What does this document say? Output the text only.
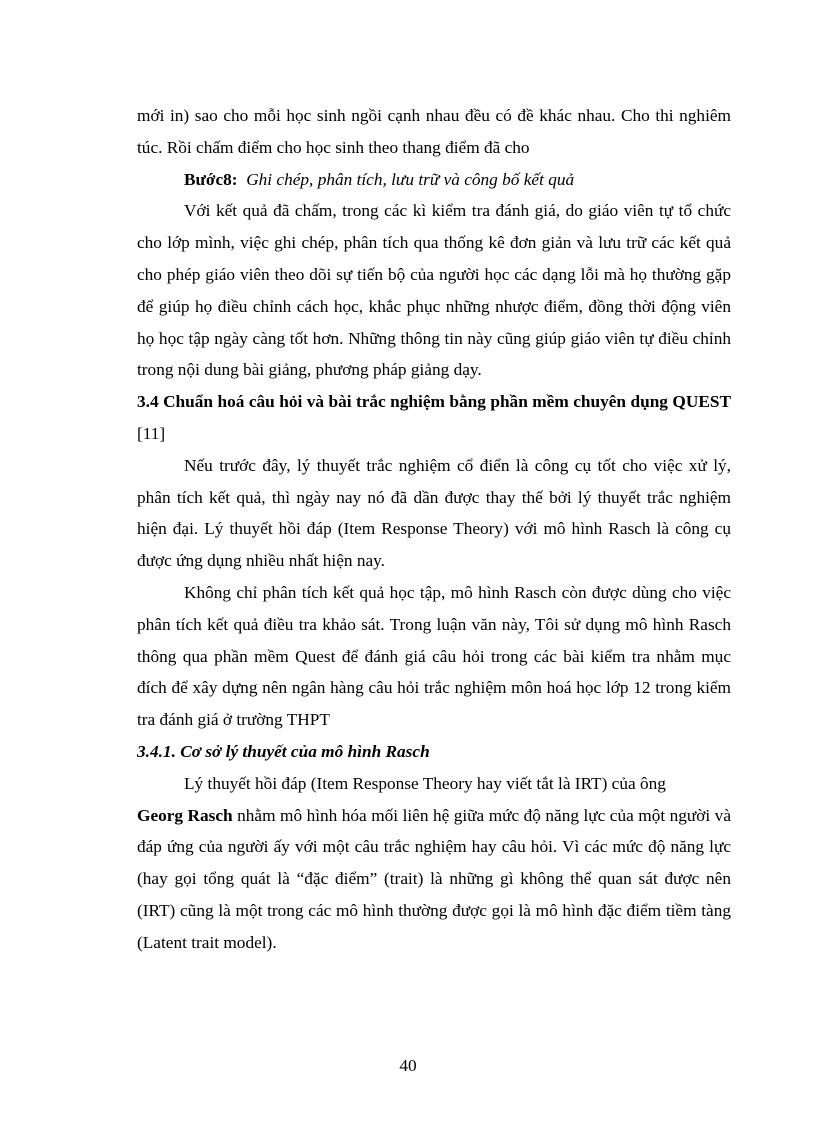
mới in) sao cho mỗi học sinh ngồi cạnh nhau đều có đề khác nhau. Cho thi nghiêm túc. Rồi chấm điểm cho học sinh theo thang điểm đã cho

Bước8: Ghi chép, phân tích, lưu trữ và công bố kết quả

Với kết quả đã chấm, trong các kì kiểm tra đánh giá, do giáo viên tự tổ chức cho lớp mình, việc ghi chép, phân tích qua thống kê đơn giản và lưu trữ các kết quả cho phép giáo viên theo dõi sự tiến bộ của người học các dạng lỗi mà họ thường gặp để giúp họ điều chỉnh cách học, khắc phục những nhược điểm, đồng thời động viên họ học tập ngày càng tốt hơn. Những thông tin này cũng giúp giáo viên tự điều chỉnh trong nội dung bài giảng, phương pháp giảng dạy.

3.4 Chuẩn hoá câu hỏi và bài trắc nghiệm bằng phần mềm chuyên dụng QUEST [11]

Nếu trước đây, lý thuyết trắc nghiệm cổ điển là công cụ tốt cho việc xử lý, phân tích kết quả, thì ngày nay nó đã dần được thay thế bởi lý thuyết trắc nghiệm hiện đại. Lý thuyết hồi đáp (Item Response Theory) với mô hình Rasch là công cụ được ứng dụng nhiều nhất hiện nay.

Không chỉ phân tích kết quả học tập, mô hình Rasch còn được dùng cho việc phân tích kết quả điều tra khảo sát. Trong luận văn này, Tôi sử dụng mô hình Rasch thông qua phần mềm Quest để đánh giá câu hỏi trong các bài kiểm tra nhằm mục đích để xây dựng nên ngân hàng câu hỏi trắc nghiệm môn hoá học lớp 12 trong kiểm tra đánh giá ở trường THPT

3.4.1. Cơ sở lý thuyết của mô hình Rasch

Lý thuyết hồi đáp (Item Response Theory hay viết tắt là IRT) của ông

Georg Rasch nhằm mô hình hóa mối liên hệ giữa mức độ năng lực của một người và đáp ứng của người ấy với một câu trắc nghiệm hay câu hỏi. Vì các mức độ năng lực (hay gọi tổng quát là “đặc điểm” (trait) là những gì không thể quan sát được nên (IRT) cũng là một trong các mô hình thường được gọi là mô hình đặc điểm tiềm tàng (Latent trait model).

40
